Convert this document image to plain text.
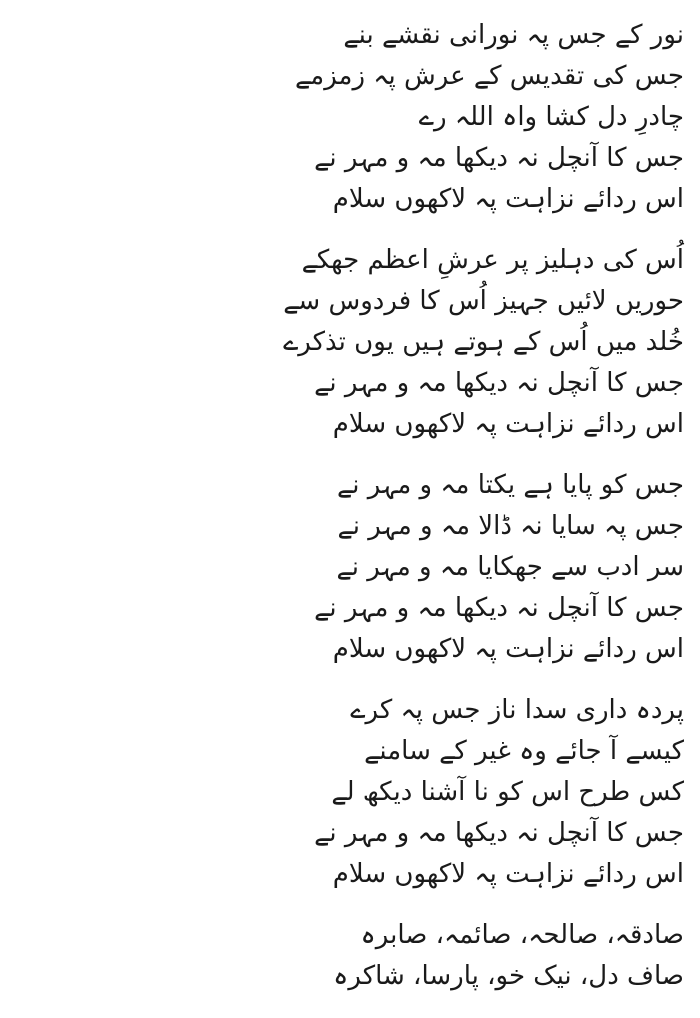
نور کے جس پہ نورانی نقشے بنے
جس کی تقدیس کے عرش پہ زمزمے
چادرِ دل کشا واہ اللہ رے
جس کا آنچل نہ دیکھا مہ و مہر نے
اس ردائے نزاہت پہ لاکھوں سلام
اُس کی دہلیز پر عرشِ اعظم جھکے
حوریں لائیں جہیز اُس کا فردوس سے
خُلد میں اُس کے ہوتے ہیں یوں تذکرے
جس کا آنچل نہ دیکھا مہ و مہر نے
اس ردائے نزاہت پہ لاکھوں سلام
جس کو پایا ہے یکتا مہ و مہر نے
جس پہ سایا نہ ڈالا مہ و مہر نے
سر ادب سے جھکایا مہ و مہر نے
جس کا آنچل نہ دیکھا مہ و مہر نے
اس ردائے نزاہت پہ لاکھوں سلام
پردہ داری سدا ناز جس پہ کرے
کیسے آ جائے وہ غیر کے سامنے
کس طرح اس کو نا آشنا دیکھ لے
جس کا آنچل نہ دیکھا مہ و مہر نے
اس ردائے نزاہت پہ لاکھوں سلام
صادقہ، صالحہ، صائمہ، صابرہ
صاف دل، نیک خو، پارسا، شاکرہ
